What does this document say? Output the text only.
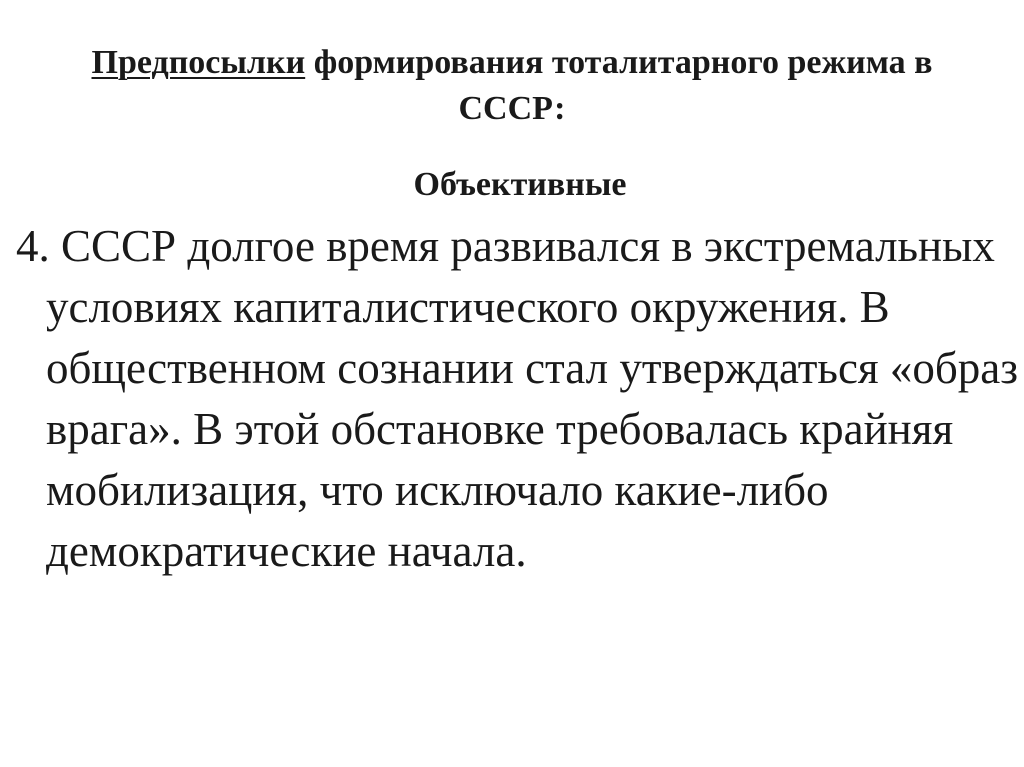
Предпосылки формирования тоталитарного режима в СССР:
Объективные

4. СССР долгое время развивался в экстремальных условиях капиталистического окружения. В общественном сознании стал утверждаться «образ врага». В этой обстановке требовалась крайняя мобилизация, что исключало какие-либо демократические начала.
